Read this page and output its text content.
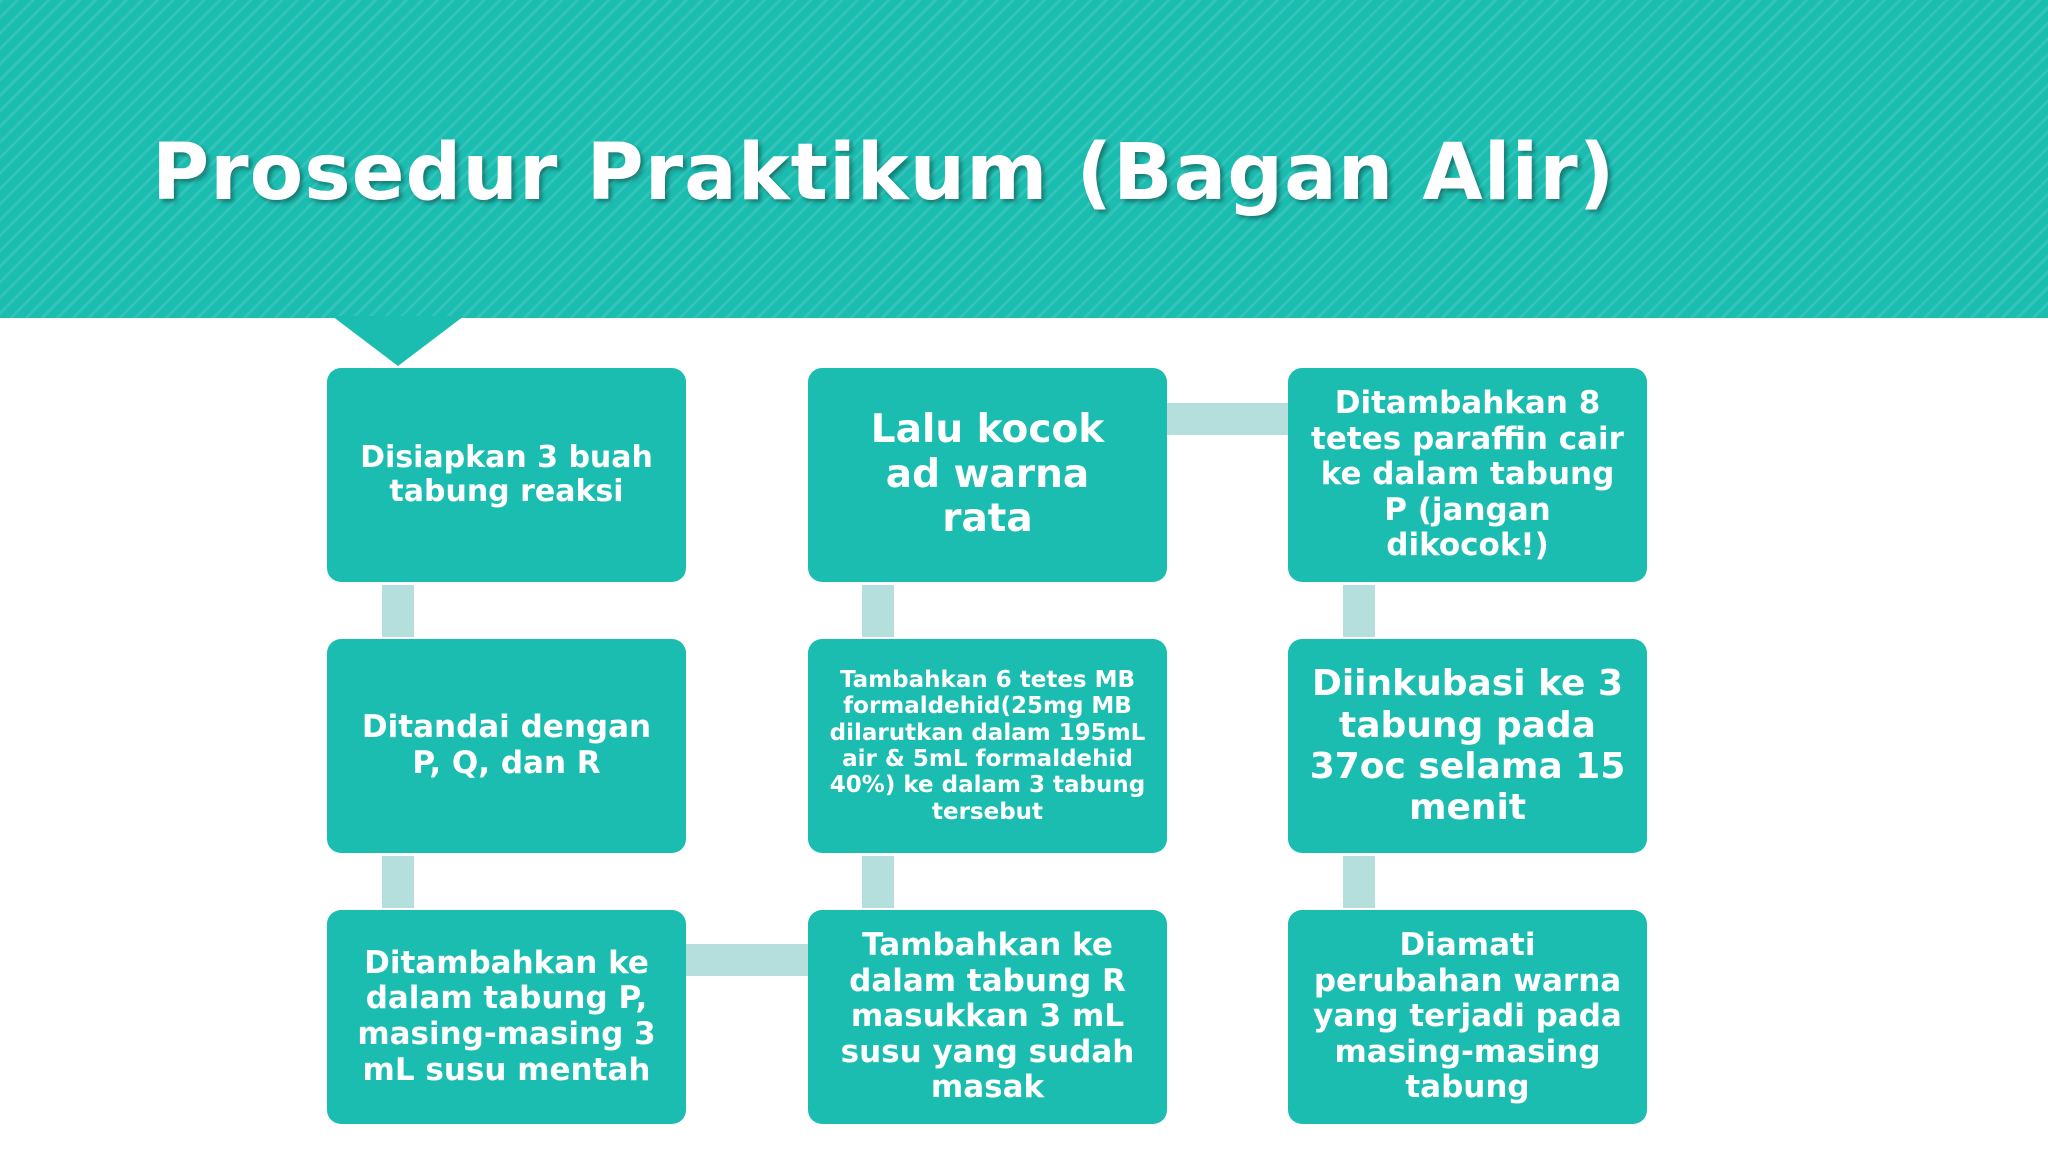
Prosedur Praktikum (Bagan Alir)
Disiapkan 3 buah tabung reaksi
Ditandai dengan P, Q, dan R
Ditambahkan ke dalam tabung P, masing-masing 3 mL susu mentah
Tambahkan ke dalam tabung R masukkan 3 mL susu yang sudah masak
Tambahkan 6 tetes MB formaldehid(25mg MB dilarutkan dalam 195mL air & 5mL formaldehid 40%) ke dalam 3 tabung tersebut
Lalu kocok ad warna rata
Ditambahkan 8 tetes paraffin cair ke dalam tabung P (jangan dikocok!)
Diinkubasi ke 3 tabung pada 37oc selama 15 menit
Diamati perubahan warna yang terjadi pada masing-masing tabung
